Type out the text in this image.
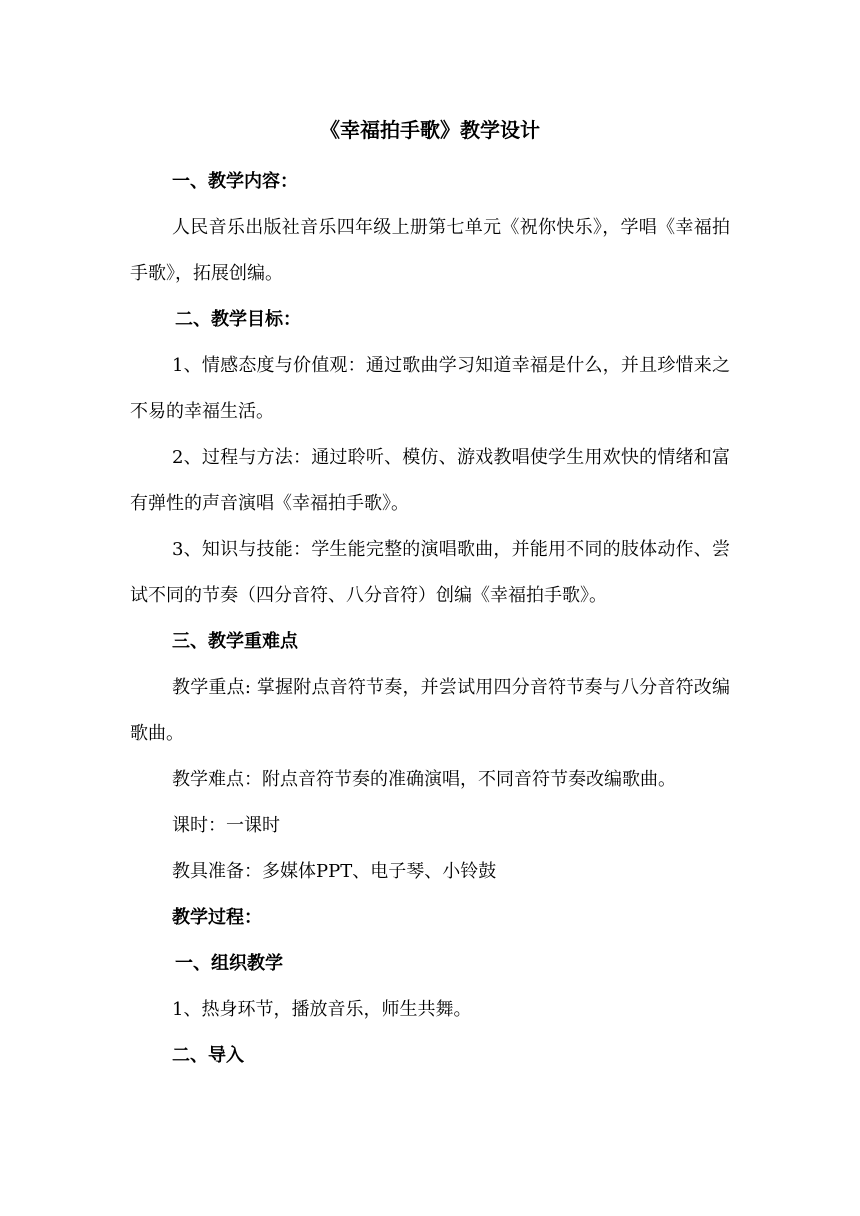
《幸福拍手歌》教学设计

一、教学内容：

人民音乐出版社音乐四年级上册第七单元《祝你快乐》，学唱《幸福拍手歌》，拓展创编。

二、教学目标：

1、情感态度与价值观：通过歌曲学习知道幸福是什么，并且珍惜来之不易的幸福生活。

2、过程与方法：通过聆听、模仿、游戏教唱使学生用欢快的情绪和富有弹性的声音演唱《幸福拍手歌》。

3、知识与技能：学生能完整的演唱歌曲，并能用不同的肢体动作、尝试不同的节奏（四分音符、八分音符）创编《幸福拍手歌》。

三、教学重难点

教学重点: 掌握附点音符节奏，并尝试用四分音符节奏与八分音符改编歌曲。

教学难点：附点音符节奏的准确演唱，不同音符节奏改编歌曲。

课时：一课时

教具准备：多媒体PPT、电子琴、小铃鼓

教学过程：

一、组织教学

1、热身环节，播放音乐，师生共舞。

二、导入
